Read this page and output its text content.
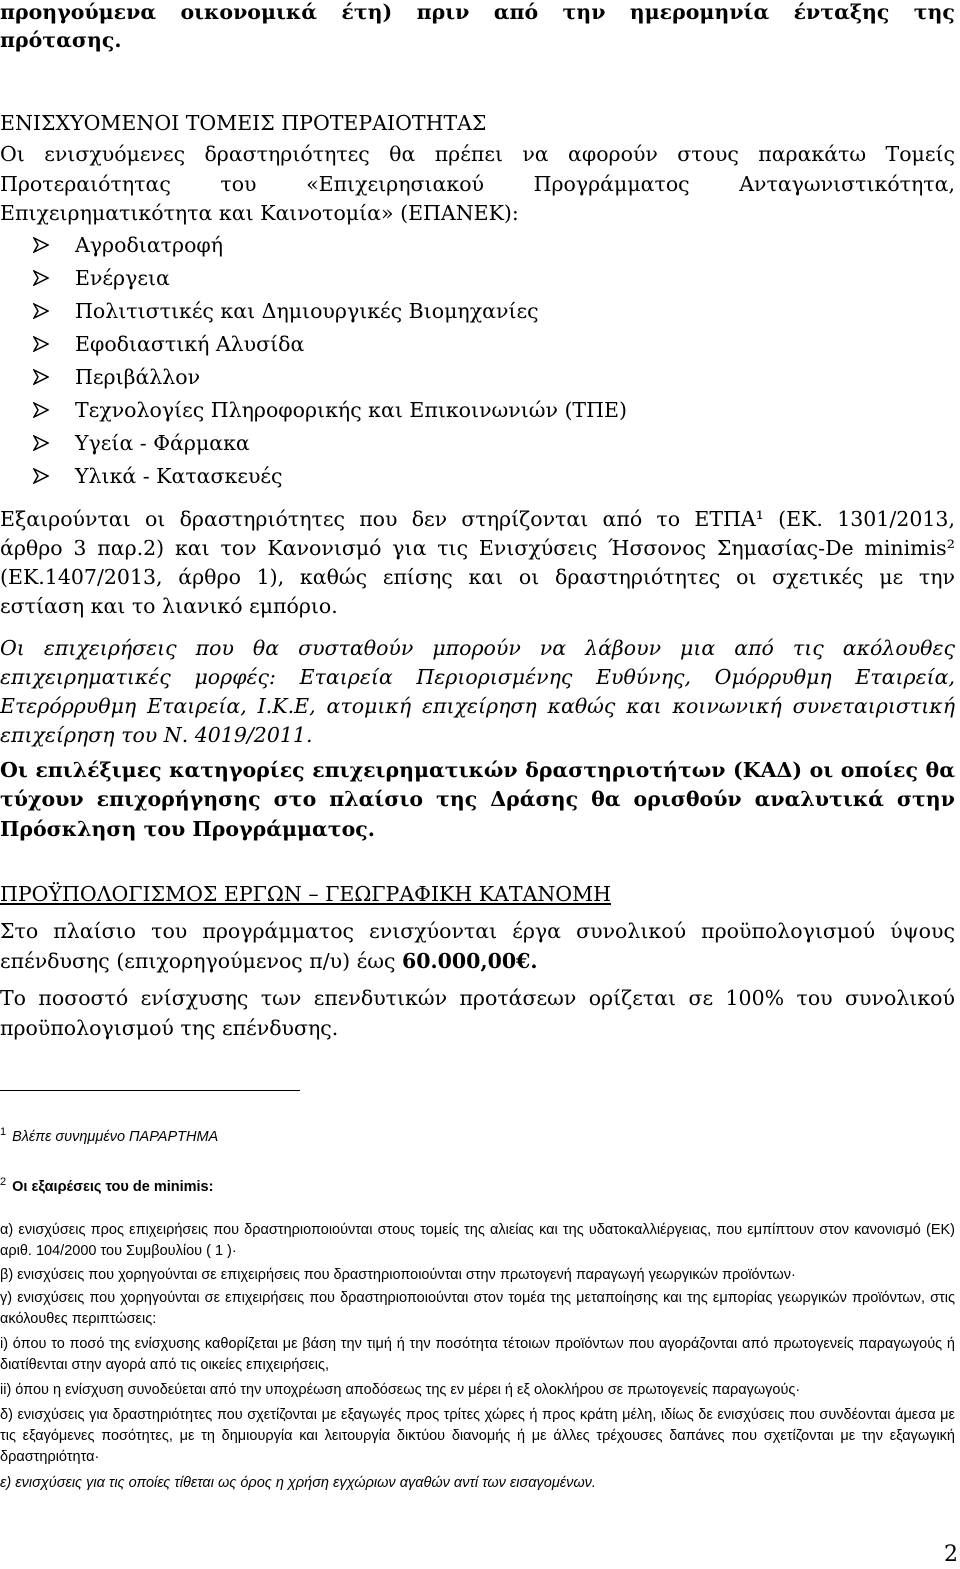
προηγούμενα οικονομικά έτη) πριν από την ημερομηνία ένταξης της
πρότασης.
ΕΝΙΣΧΥΟΜΕΝΟΙ ΤΟΜΕΙΣ ΠΡΟΤΕΡΑΙΟΤΗΤΑΣ
Οι ενισχυόμενες δραστηριότητες θα πρέπει να αφορούν στους παρακάτω Τομείς
Προτεραιότητας του «Επιχειρησιακού Προγράμματος Ανταγωνιστικότητα,
Επιχειρηματικότητα και Καινοτομία» (ΕΠΑΝΕΚ):
Αγροδιατροφή
Ενέργεια
Πολιτιστικές και Δημιουργικές Βιομηχανίες
Εφοδιαστική Αλυσίδα
Περιβάλλον
Τεχνολογίες Πληροφορικής και Επικοινωνιών (ΤΠΕ)
Υγεία - Φάρμακα
Υλικά - Κατασκευές
Εξαιρούνται οι δραστηριότητες που δεν στηρίζονται από το ΕΤΠΑ¹ (ΕΚ. 1301/2013,
άρθρο 3 παρ.2) και τον Κανονισμό για τις Ενισχύσεις Ήσσονος Σημασίας-De minimis²
(ΕΚ.1407/2013, άρθρο 1), καθώς επίσης και οι δραστηριότητες οι σχετικές με την
εστίαση και το λιανικό εμπόριο.
Οι επιχειρήσεις που θα συσταθούν μπορούν να λάβουν μια από τις ακόλουθες
επιχειρηματικές μορφές: Εταιρεία Περιορισμένης Ευθύνης, Ομόρρυθμη Εταιρεία,
Ετερόρρυθμη Εταιρεία, Ι.Κ.Ε, ατομική επιχείρηση καθώς και κοινωνική συνεταιριστική
επιχείρηση του Ν. 4019/2011.
Οι επιλέξιμες κατηγορίες επιχειρηματικών δραστηριοτήτων (ΚΑΔ) οι οποίες θα
τύχουν επιχορήγησης στο πλαίσιο της Δράσης θα ορισθούν αναλυτικά στην
Πρόσκληση του Προγράμματος.
ΠΡΟΫΠΟΛΟΓΙΣΜΟΣ ΕΡΓΩΝ – ΓΕΩΓΡΑΦΙΚΗ ΚΑΤΑΝΟΜΗ
Στο πλαίσιο του προγράμματος ενισχύονται έργα συνολικού προϋπολογισμού ύψους
επένδυσης (επιχορηγούμενος π/υ) έως 60.000,00€.
Το ποσοστό ενίσχυσης των επενδυτικών προτάσεων ορίζεται σε 100% του συνολικού
προϋπολογισμού της επένδυσης.
$^1$ Βλέπε συνημμένο ΠΑΡΑΡΤΗΜΑ
$^2$ Οι εξαιρέσεις του de minimis:
α) ενισχύσεις προς επιχειρήσεις που δραστηριοποιούνται στους τομείς της αλιείας και της υδατοκαλλιέργειας, που εμπίπτουν στον κανονισμό (ΕΚ) αριθ. 104/2000 του Συμβουλίου ( 1 )·
β) ενισχύσεις που χορηγούνται σε επιχειρήσεις που δραστηριοποιούνται στην πρωτογενή παραγωγή γεωργικών προϊόντων·
γ) ενισχύσεις που χορηγούνται σε επιχειρήσεις που δραστηριοποιούνται στον τομέα της μεταποίησης και της εμπορίας γεωργικών προϊόντων, στις ακόλουθες περιπτώσεις:
i) όπου το ποσό της ενίσχυσης καθορίζεται με βάση την τιμή ή την ποσότητα τέτοιων προϊόντων που αγοράζονται από πρωτογενείς παραγωγούς ή διατίθενται στην αγορά από τις οικείες επιχειρήσεις,
ii) όπου η ενίσχυση συνοδεύεται από την υποχρέωση αποδόσεως της εν μέρει ή εξ ολοκλήρου σε πρωτογενείς παραγωγούς·
δ) ενισχύσεις για δραστηριότητες που σχετίζονται με εξαγωγές προς τρίτες χώρες ή προς κράτη μέλη, ιδίως δε ενισχύσεις που συνδέονται άμεσα με τις εξαγόμενες ποσότητες, με τη δημιουργία και λειτουργία δικτύου διανομής ή με άλλες τρέχουσες δαπάνες που σχετίζονται με την εξαγωγική δραστηριότητα·
ε) ενισχύσεις για τις οποίες τίθεται ως όρος η χρήση εγχώριων αγαθών αντί των εισαγομένων.
2
